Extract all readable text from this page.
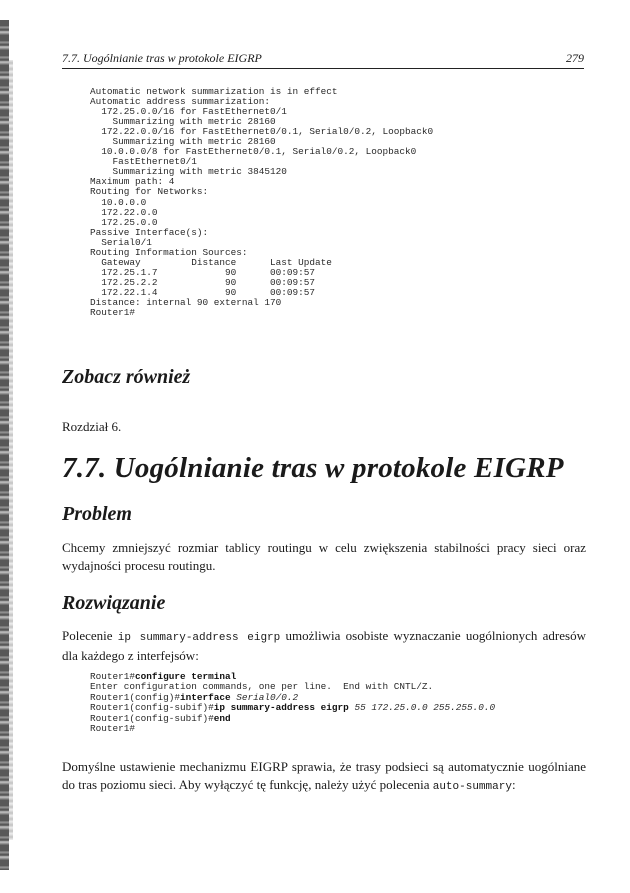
7.7. Uogólnianie tras w protokole EIGRP	279
Automatic network summarization is in effect
Automatic address summarization:
172.25.0.0/16 for FastEthernet0/1
Summarizing with metric 28160
172.22.0.0/16 for FastEthernet0/0.1, Serial0/0.2, Loopback0
Summarizing with metric 28160
10.0.0.0/8 for FastEthernet0/0.1, Serial0/0.2, Loopback0
FastEthernet0/1
Summarizing with metric 3845120
Maximum path: 4
Routing for Networks:
10.0.0.0
172.22.0.0
172.25.0.0
Passive Interface(s):
Serial0/1
Routing Information Sources:
Gateway         Distance      Last Update
172.25.1.7            90      00:09:57
172.25.2.2            90      00:09:57
172.22.1.4            90      00:09:57
Distance: internal 90 external 170
Router1#
Zobacz również

Rozdział 6.

7.7. Uogólnianie tras w protokole EIGRP
Problem

Chcemy zmniejszyć rozmiar tablicy routingu w celu zwiększenia stabilności pracy sieci oraz wydajności procesu routingu.

Rozwiązanie

Polecenie ip summary-address eigrp umożliwia osobiste wyznaczanie uogólnionych adresów dla każdego z interfejsów:

Router1#configure terminal
Enter configuration commands, one per line.  End with CNTL/Z.
Router1(config)#interface Serial0/0.2
Router1(config-subif)#ip summary-address eigrp 55 172.25.0.0 255.255.0.0
Router1(config-subif)#end
Router1#

Domyślne ustawienie mechanizmu EIGRP sprawia, że trasy podsieci są automatycznie uogólniane do tras poziomu sieci. Aby wyłączyć tę funkcję, należy użyć polecenia auto-summary:
